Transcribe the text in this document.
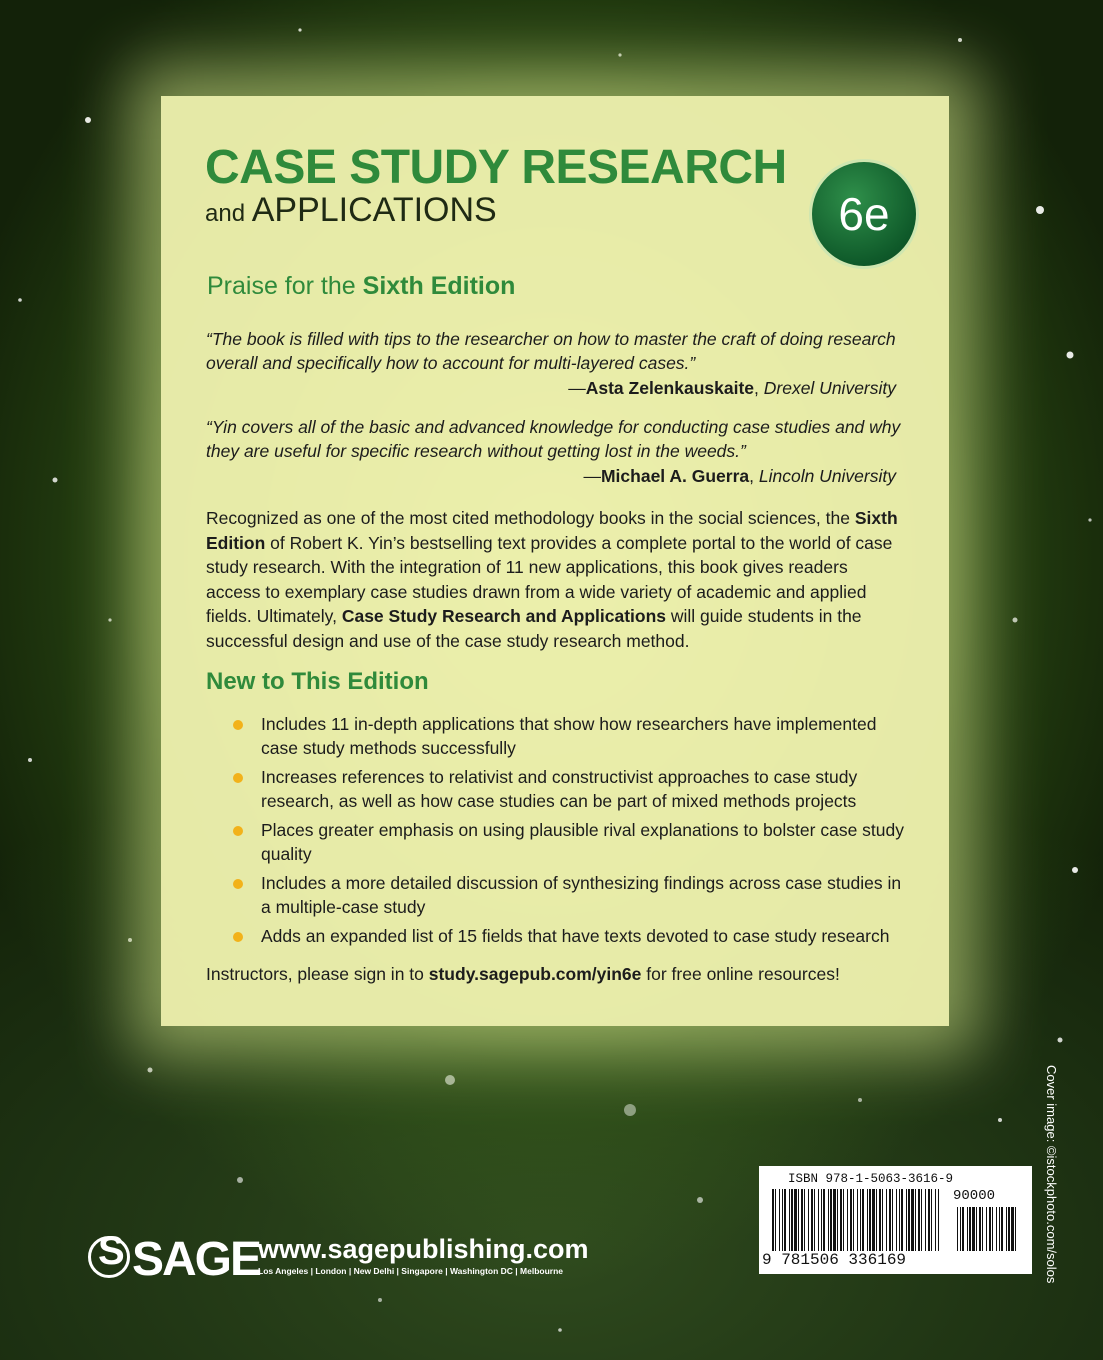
CASE STUDY RESEARCH
and APPLICATIONS	6e
Praise for the Sixth Edition
“The book is filled with tips to the researcher on how to master the craft of doing research overall and specifically how to account for multi-layered cases.”
—Asta Zelenkauskaite, Drexel University
“Yin covers all of the basic and advanced knowledge for conducting case studies and why they are useful for specific research without getting lost in the weeds.”
—Michael A. Guerra, Lincoln University
Recognized as one of the most cited methodology books in the social sciences, the Sixth Edition of Robert K. Yin’s bestselling text provides a complete portal to the world of case study research. With the integration of 11 new applications, this book gives readers access to exemplary case studies drawn from a wide variety of academic and applied fields. Ultimately, Case Study Research and Applications will guide students in the successful design and use of the case study research method.
New to This Edition
Includes 11 in-depth applications that show how researchers have implemented case study methods successfully
Increases references to relativist and constructivist approaches to case study research, as well as how case studies can be part of mixed methods projects
Places greater emphasis on using plausible rival explanations to bolster case study quality
Includes a more detailed discussion of synthesizing findings across case studies in a multiple-case study
Adds an expanded list of 15 fields that have texts devoted to case study research
Instructors, please sign in to study.sagepub.com/yin6e for free online resources!
Cover image: ©istockphoto.com/solos
ISBN 978-1-5063-3616-9
90000
9 781506 336169
SSAGE
www.sagepublishing.com
Los Angeles | London | New Delhi | Singapore | Washington DC | Melbourne
